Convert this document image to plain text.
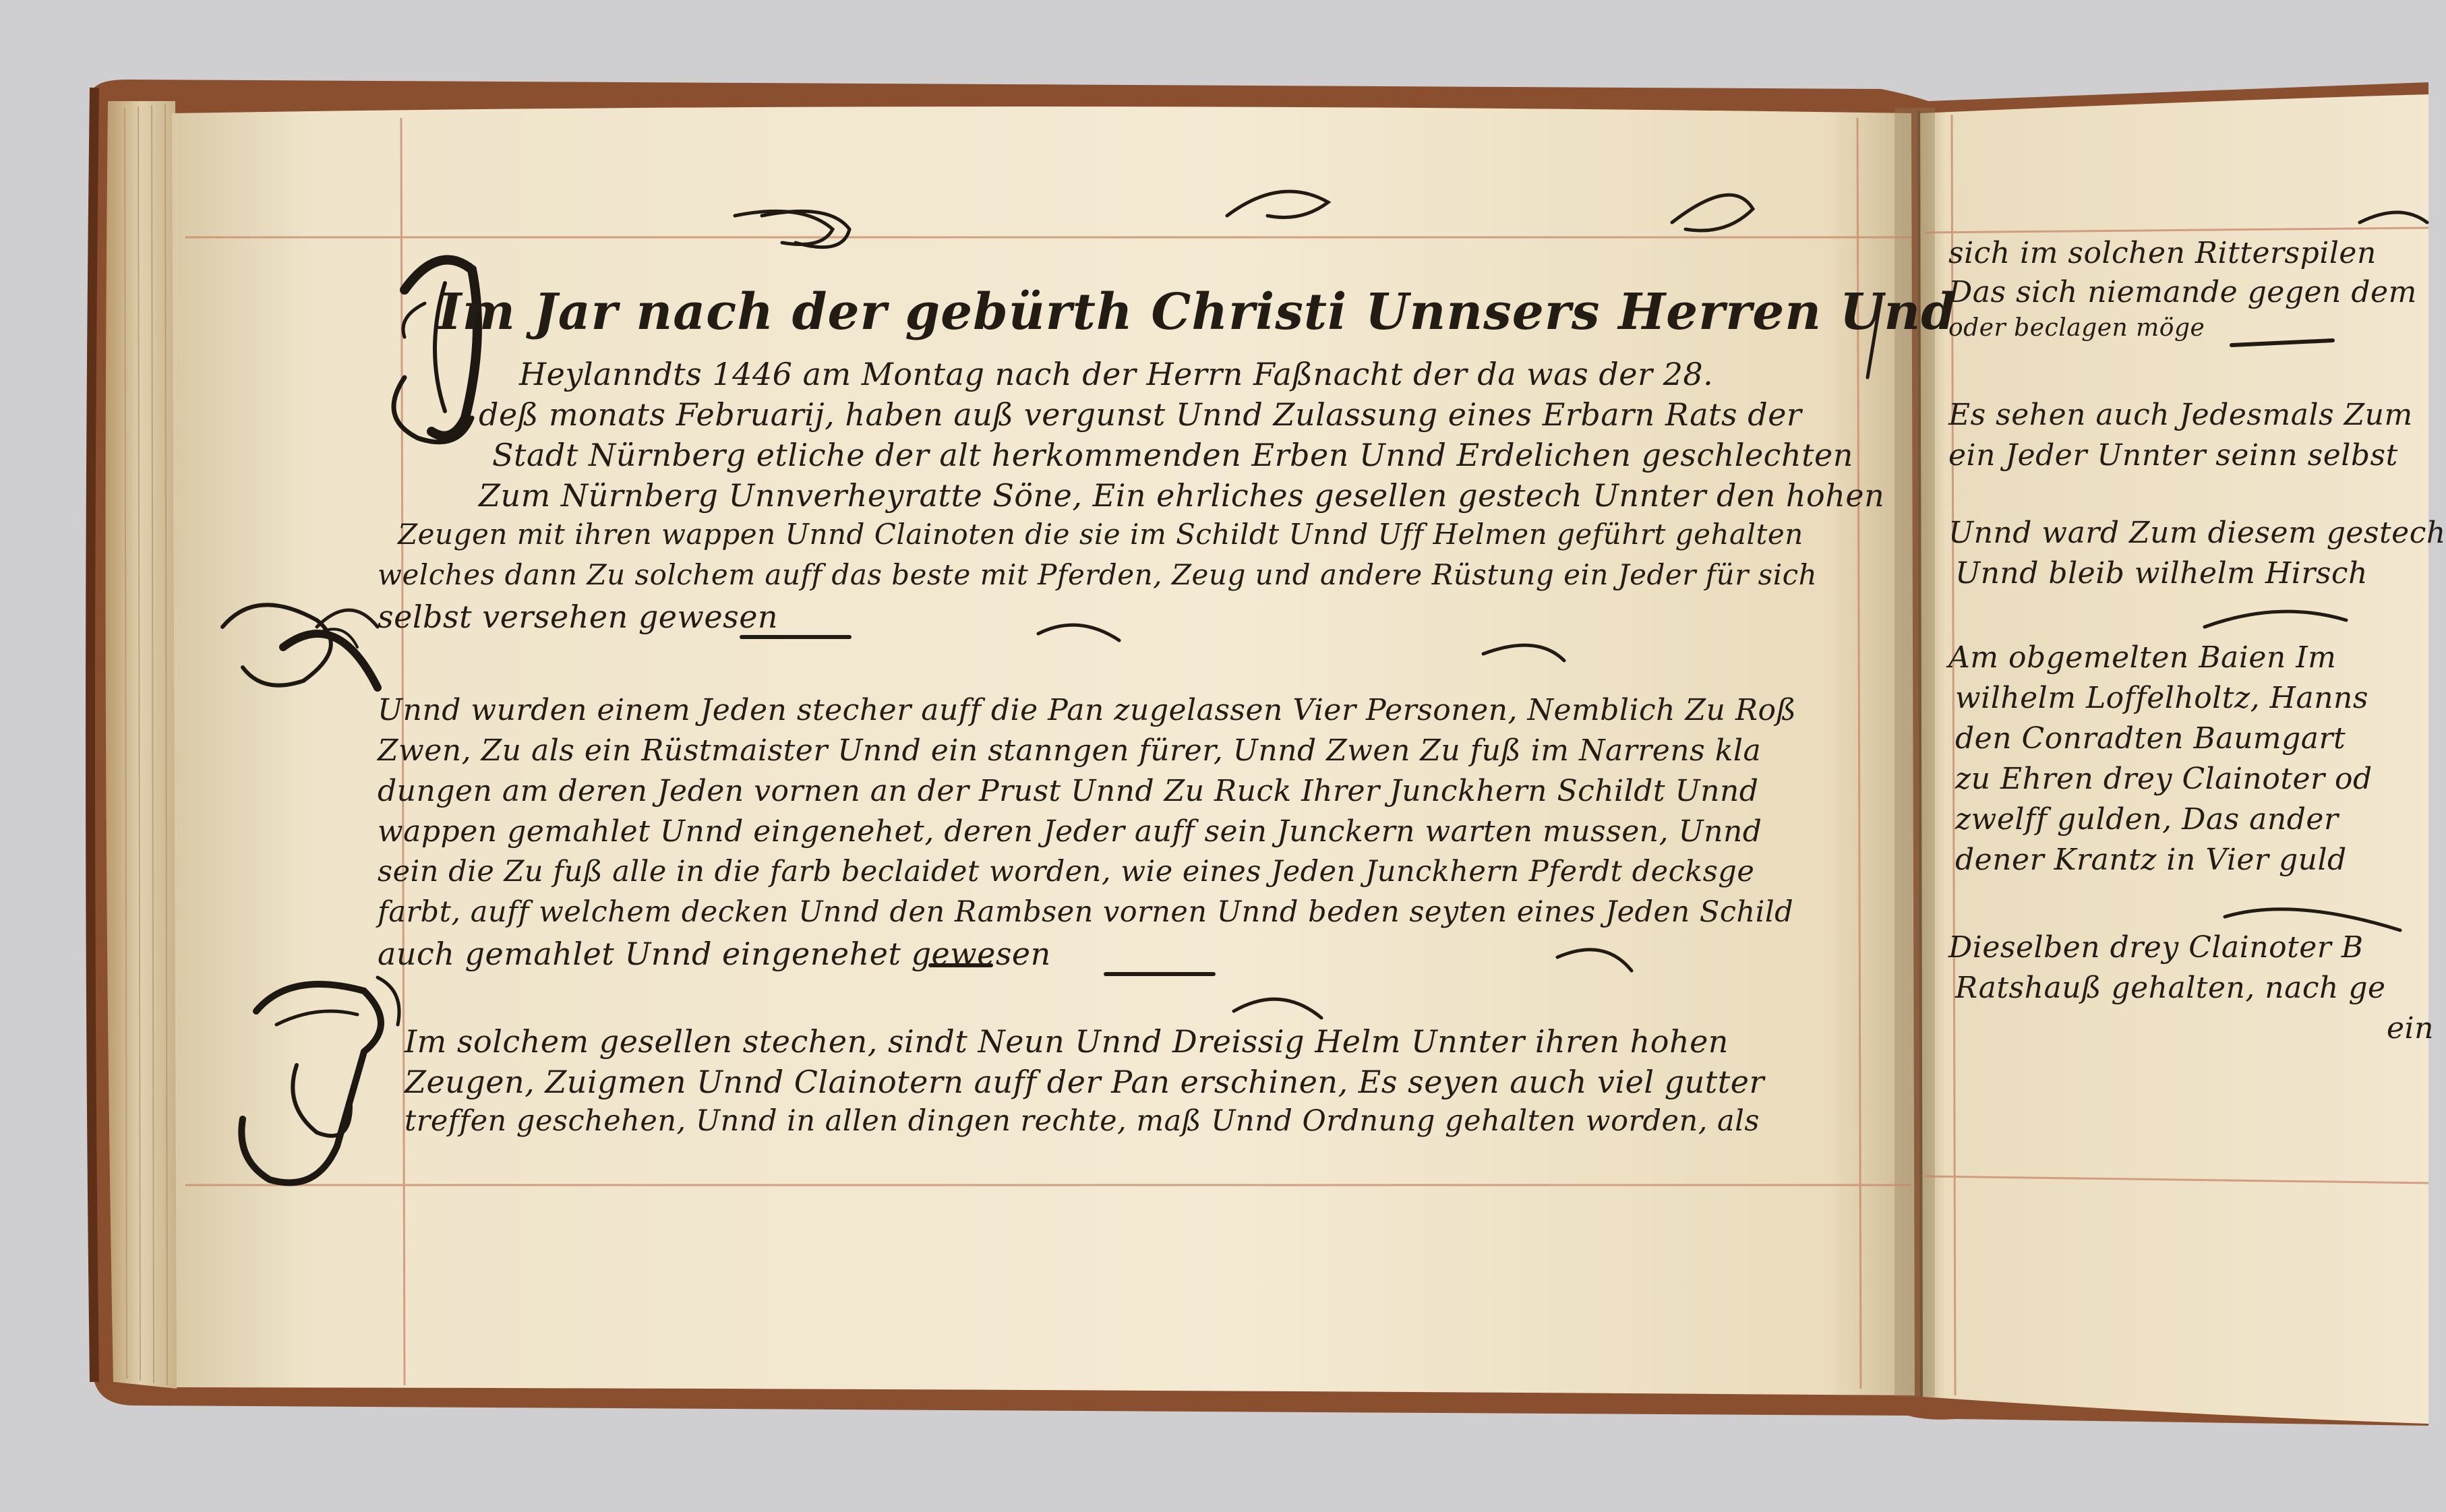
Im Jar nach der gebürth Christi Unnsers Herren Und
Heylanndts 1446 am Montag nach der Herrn Faßnacht der da was der 28.
deß monats Februarij, haben auß vergunst Unnd Zulassung eines Erbarn Rats der
Stadt Nürnberg etliche der alt herkommenden Erben Unnd Erdelichen geschlechten
Zum Nürnberg Unnverheyratte Söne, Ein ehrliches gesellen gestech Unnter den hohen
Zeugen mit ihren wappen Unnd Clainoten die sie im Schildt Unnd Uff Helmen geführt gehalten
welches dann Zu solchem auff das beste mit Pferden, Zeug und andere Rüstung ein Jeder für sich
selbst versehen gewesen
Unnd wurden einem Jeden stecher auff die Pan zugelassen Vier Personen, Nemblich Zu Roß
Zwen, Zu als ein Rüstmaister Unnd ein stanngen fürer, Unnd Zwen Zu fuß im Narrens kla
dungen am deren Jeden vornen an der Prust Unnd Zu Ruck Ihrer Junckhern Schildt Unnd
wappen gemahlet Unnd eingenehet, deren Jeder auff sein Junckern warten mussen, Unnd
sein die Zu fuß alle in die farb beclaidet worden, wie eines Jeden Junckhern Pferdt decksge
farbt, auff welchem decken Unnd den Rambsen vornen Unnd beden seyten eines Jeden Schild
auch gemahlet Unnd eingenehet gewesen
Im solchem gesellen stechen, sindt Neun Unnd Dreissig Helm Unnter ihren hohen
Zeugen, Zuigmen Unnd Clainotern auff der Pan erschinen, Es seyen auch viel gutter
treffen geschehen, Unnd in allen dingen rechte, maß Unnd Ordnung gehalten worden, als
sich im solchen Ritterspilen
Das sich niemande gegen dem
oder beclagen möge
Es sehen auch Jedesmals Zum
ein Jeder Unnter seinn selbst
Unnd ward Zum diesem gestech
Unnd bleib wilhelm Hirsch
Am obgemelten Baien Im
wilhelm Loffelholtz, Hanns
den Conradten Baumgart
zu Ehren drey Clainoter od
zwelff gulden, Das ander
dener Krantz in Vier guld
Dieselben drey Clainoter B
Ratshauß gehalten, nach ge
ein
